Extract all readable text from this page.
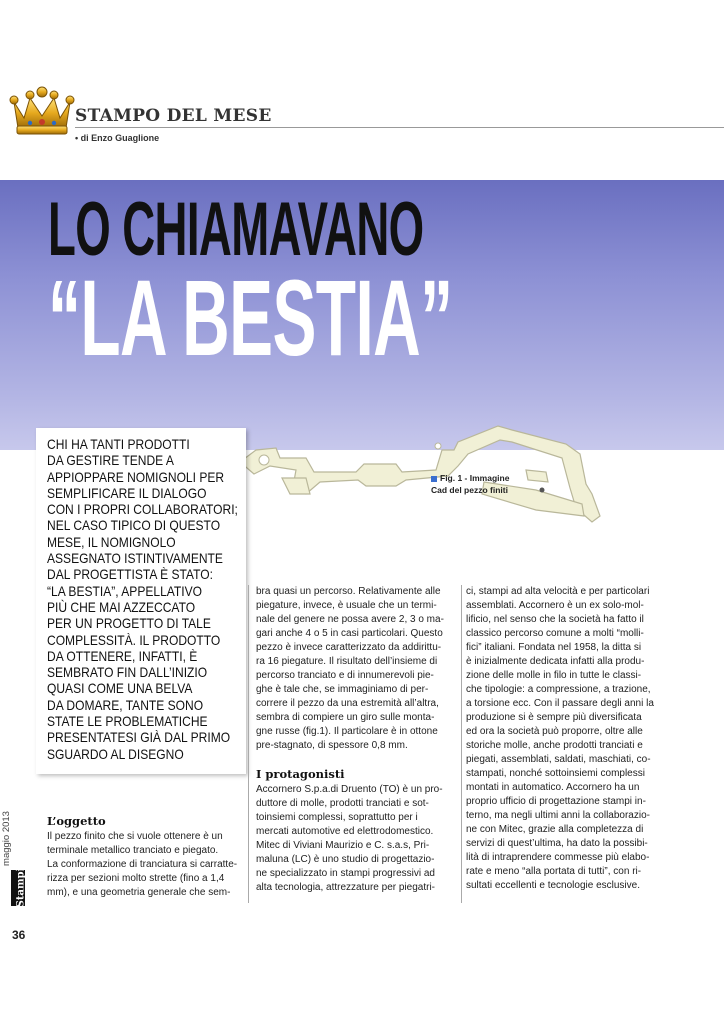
STAMPO DEL MESE
• di Enzo Guaglione
LO CHIAMAVANO
“LA BESTIA”
Fig. 1 - Immagine
Cad del pezzo finiti
CHI HA TANTI PRODOTTI
DA GESTIRE TENDE A
APPIOPPARE NOMIGNOLI PER
SEMPLIFICARE IL DIALOGO
CON I PROPRI COLLABORATORI;
NEL CASO TIPICO DI QUESTO
MESE, IL NOMIGNOLO
ASSEGNATO ISTINTIVAMENTE
DAL PROGETTISTA È STATO:
“LA BESTIA”, APPELLATIVO
PIÙ CHE MAI AZZECCATO
PER UN PROGETTO DI TALE
COMPLESSITÀ. IL PRODOTTO
DA OTTENERE, INFATTI, È
SEMBRATO FIN DALL’INIZIO
QUASI COME UNA BELVA
DA DOMARE, TANTE SONO
STATE LE PROBLEMATICHE
PRESENTATESI GIÀ DAL PRIMO
SGUARDO AL DISEGNO
L’oggetto
Il pezzo finito che si vuole ottenere è un
terminale metallico tranciato e piegato.
La conformazione di tranciatura si carratte-
rizza per sezioni molto strette (fino a 1,4
mm), e una geometria generale che sem-
bra quasi un percorso. Relativamente alle
piegature, invece, è usuale che un termi-
nale del genere ne possa avere 2, 3 o ma-
gari anche 4 o 5 in casi particolari. Questo
pezzo è invece caratterizzato da addirittu-
ra 16 piegature. Il risultato dell’insieme di
percorso tranciato e di innumerevoli pie-
ghe è tale che, se immaginiamo di per-
correre il pezzo da una estremità all’altra,
sembra di compiere un giro sulle monta-
gne russe (fig.1). Il particolare è in ottone
pre-stagnato, di spessore 0,8 mm.
I protagonisti
Accornero S.p.a.di Druento (TO) è un pro-
duttore di molle, prodotti tranciati e sot-
toinsiemi complessi, soprattutto per i
mercati automotive ed elettrodomestico.
Mitec di Viviani Maurizio e C. s.a.s, Pri-
maluna (LC) è uno studio di progettazio-
ne specializzato in stampi progressivi ad
alta tecnologia, attrezzature per piegatri-
ci, stampi ad alta velocità e per particolari
assemblati. Accornero è un ex solo-mol-
lificio, nel senso che la società ha fatto il
classico percorso comune a molti “molli-
fici” italiani. Fondata nel 1958, la ditta si
è inizialmente dedicata infatti alla produ-
zione delle molle in filo in tutte le classi-
che tipologie: a compressione, a trazione,
a torsione ecc. Con il passare degli anni la
produzione si è sempre più diversificata
ed ora la società può proporre, oltre alle
storiche molle, anche prodotti tranciati e
piegati, assemblati, saldati, maschiati, co-
stampati, nonché sottoinsiemi complessi
montati in automatico. Accornero ha un
proprio ufficio di progettazione stampi in-
terno, ma negli ultimi anni la collaborazio-
ne con Mitec, grazie alla completezza di
servizi di quest’ultima, ha dato la possibi-
lità di intraprendere commesse più elabo-
rate e meno “alla portata di tutti”, con ri-
sultati eccellenti e tecnologie esclusive.
Stampi
maggio 2013
36
